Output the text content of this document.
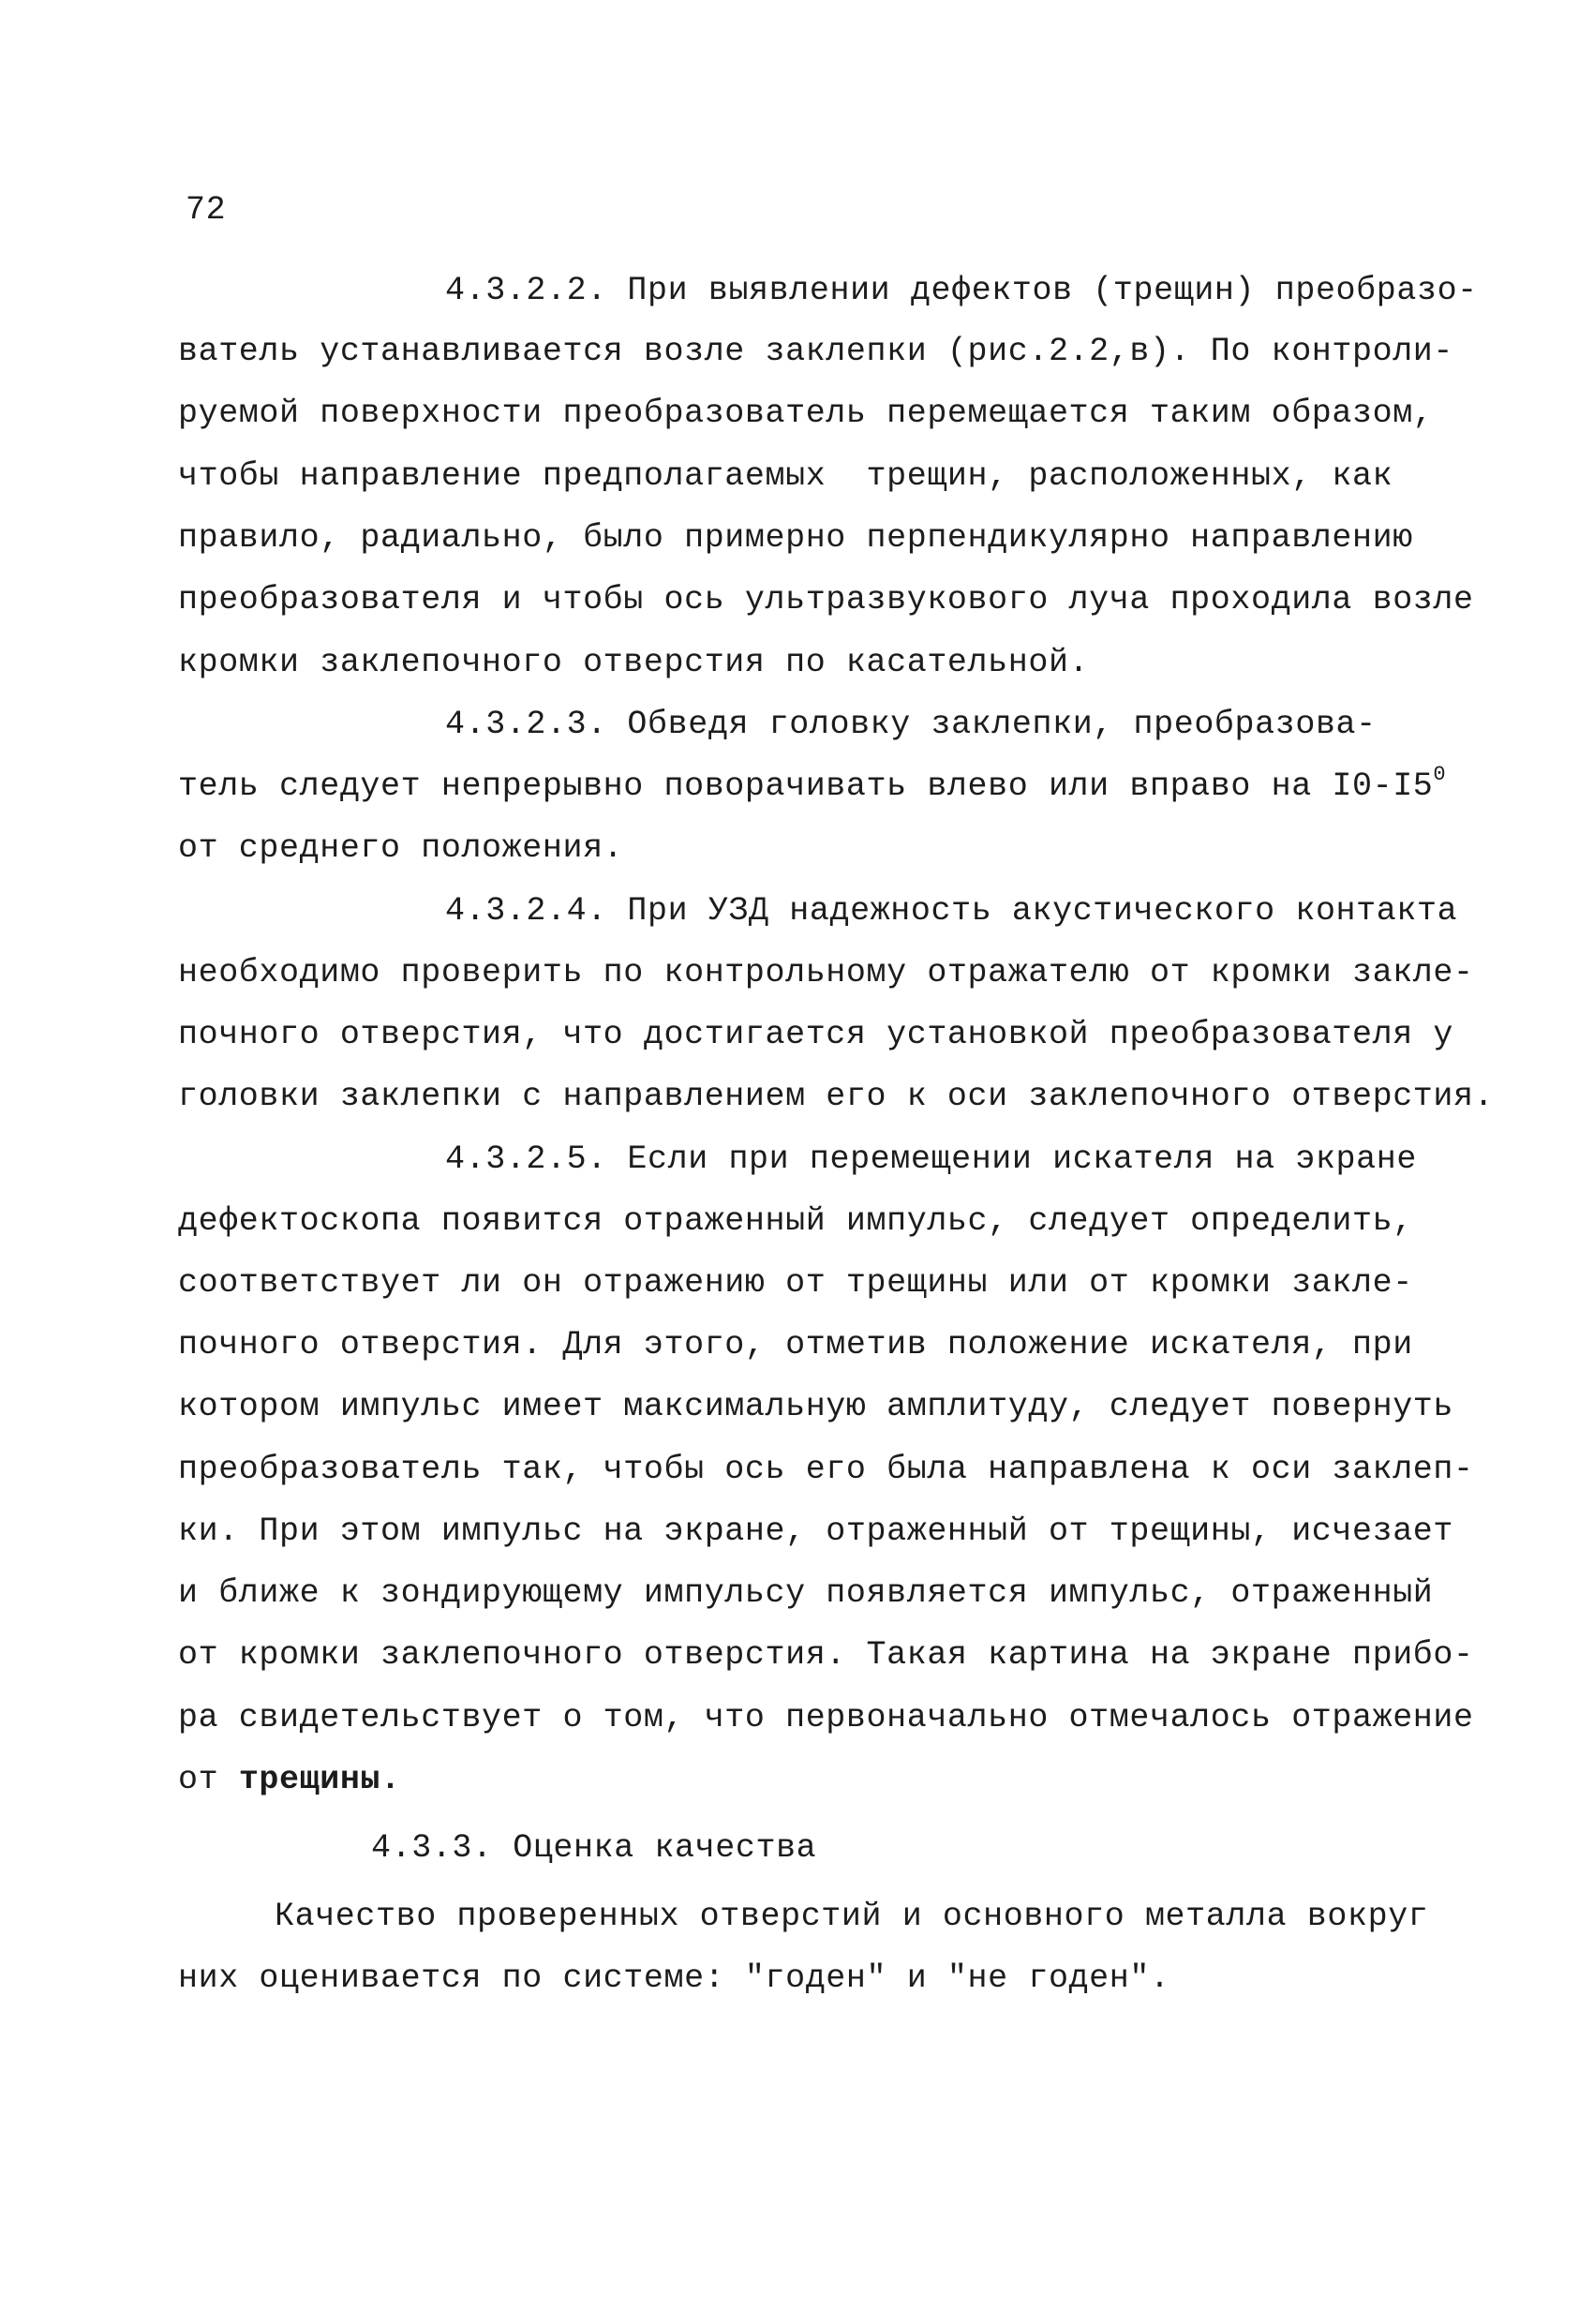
72
4.3.2.2. При выявлении дефектов (трещин) преобразо-
ватель устанавливается возле заклепки (рис.2.2,в). По контроли-
руемой поверхности преобразователь перемещается таким образом,
чтобы направление предполагаемых  трещин, расположенных, как
правило, радиально, было примерно перпендикулярно направлению
преобразователя и чтобы ось ультразвукового луча проходила возле
кромки заклепочного отверстия по касательной.
4.3.2.3. Обведя головку заклепки, преобразова-
тель следует непрерывно поворачивать влево или вправо на $I0-I5^0$
от среднего положения.
4.3.2.4. При УЗД надежность акустического контакта
необходимо проверить по контрольному отражателю от кромки закле-
почного отверстия, что достигается установкой преобразователя у
головки заклепки с направлением его к оси заклепочного отверстия.
4.3.2.5. Если при перемещении искателя на экране
дефектоскопа появится отраженный импульс, следует определить,
соответствует ли он отражению от трещины или от кромки закле-
почного отверстия. Для этого, отметив положение искателя, при
котором импульс имеет максимальную амплитуду, следует повернуть
преобразователь так, чтобы ось его была направлена к оси заклеп-
ки. При этом импульс на экране, отраженный от трещины, исчезает
и ближе к зондирующему импульсу появляется импульс, отраженный
от кромки заклепочного отверстия. Такая картина на экране прибо-
ра свидетельствует о том, что первоначально отмечалось отражение
от трещины.
4.3.3. Оценка качества
Качество проверенных отверстий и основного металла вокруг
них оценивается по системе: "годен" и "не годен".
